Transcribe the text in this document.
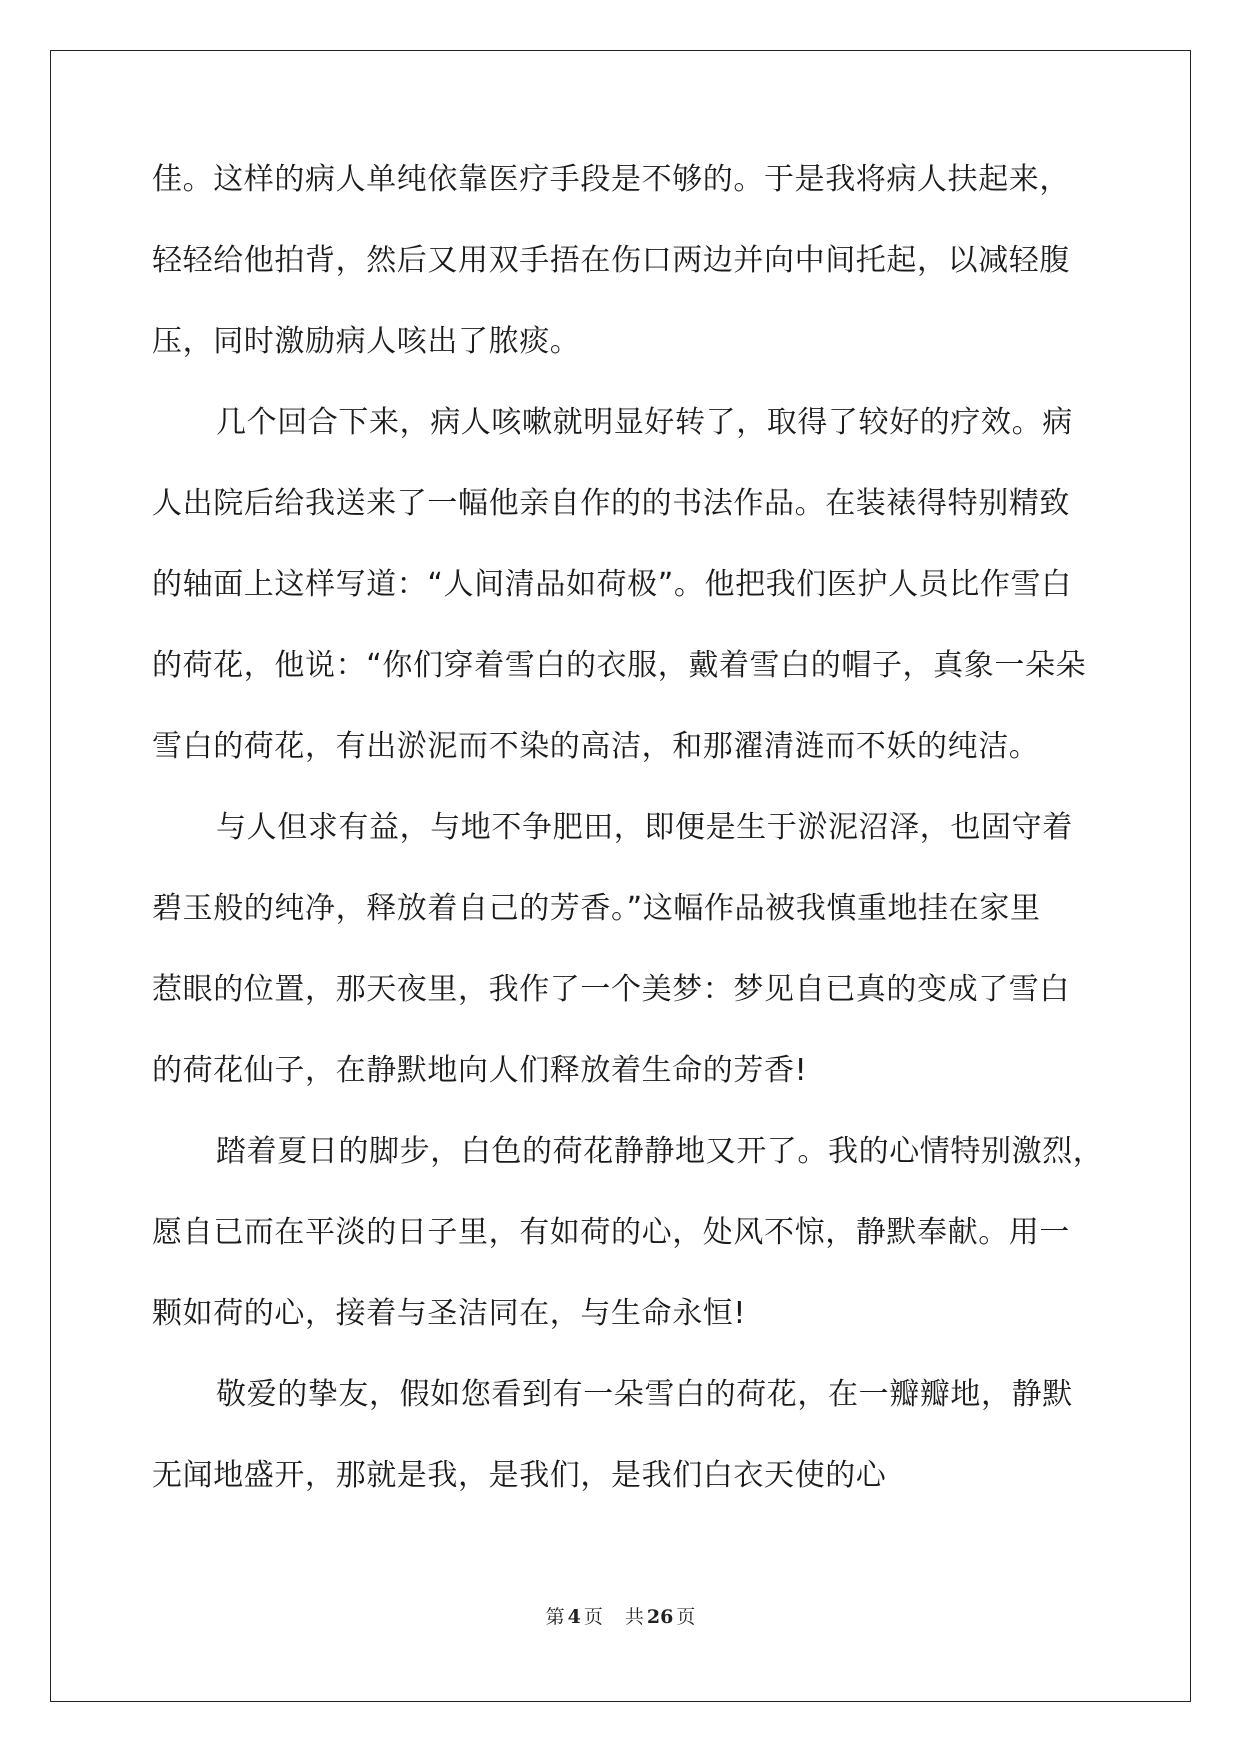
佳。这样的病人单纯依靠医疗手段是不够的。于是我将病人扶起来，
轻轻给他拍背，然后又用双手捂在伤口两边并向中间托起，以减轻腹
压，同时激励病人咳出了脓痰。
几个回合下来，病人咳嗽就明显好转了，取得了较好的疗效。病
人出院后给我送来了一幅他亲自作的的书法作品。在装裱得特别精致
的轴面上这样写道：“人间清品如荷极”。他把我们医护人员比作雪白
的荷花，他说：“你们穿着雪白的衣服，戴着雪白的帽子，真象一朵朵
雪白的荷花，有出淤泥而不染的高洁，和那濯清涟而不妖的纯洁。
与人但求有益，与地不争肥田，即便是生于淤泥沼泽，也固守着
碧玉般的纯净，释放着自己的芳香。”这幅作品被我慎重地挂在家里
惹眼的位置，那天夜里，我作了一个美梦：梦见自已真的变成了雪白
的荷花仙子，在静默地向人们释放着生命的芳香!
踏着夏日的脚步，白色的荷花静静地又开了。我的心情特别激烈，
愿自已而在平淡的日子里，有如荷的心，处风不惊，静默奉献。用一
颗如荷的心，接着与圣洁同在，与生命永恒!
敬爱的挚友，假如您看到有一朵雪白的荷花，在一瓣瓣地，静默
无闻地盛开，那就是我，是我们，是我们白衣天使的心
第 4 页 共 26 页
